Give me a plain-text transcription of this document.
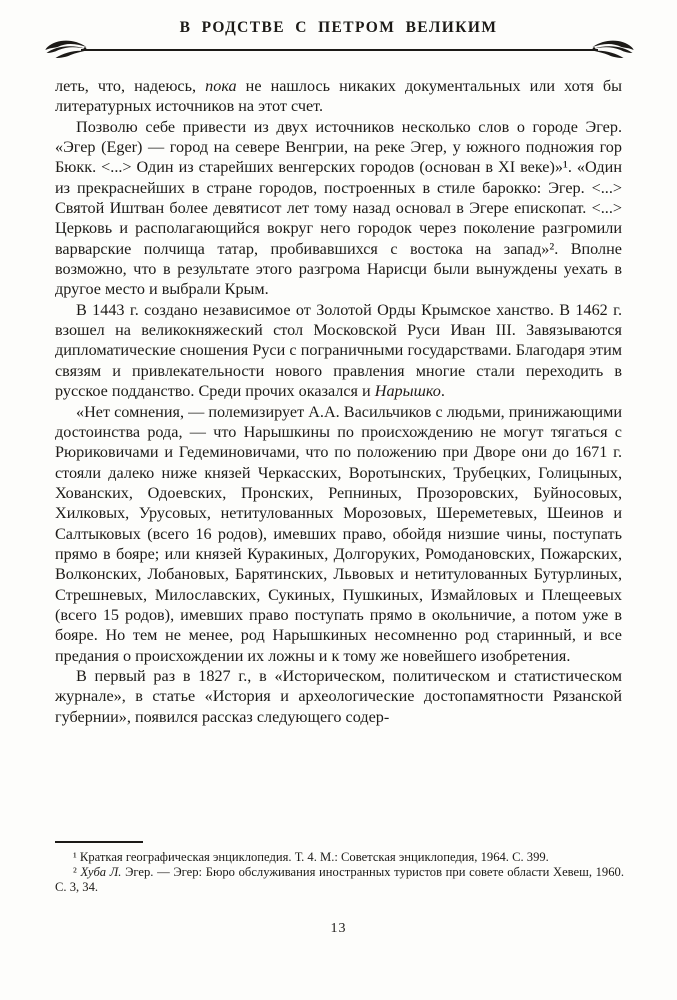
В РОДСТВЕ С ПЕТРОМ ВЕЛИКИМ

леть, что, надеюсь, пока не нашлось никаких документальных или хотя бы литературных источников на этот счет.

Позволю себе привести из двух источников несколько слов о городе Эгер. «Эгер (Eger) — город на севере Венгрии, на реке Эгер, у южного подножия гор Бюкк. <...> Один из старейших венгерских городов (основан в XI веке)»¹. «Один из прекраснейших в стране городов, построенных в стиле барокко: Эгер. <...> Святой Иштван более девятисот лет тому назад основал в Эгере епископат. <...> Церковь и располагающийся вокруг него городок через поколение разгромили варварские полчища татар, пробивавшихся с востока на запад»². Вполне возможно, что в результате этого разгрома Нарисци были вынуждены уехать в другое место и выбрали Крым.

В 1443 г. создано независимое от Золотой Орды Крымское ханство. В 1462 г. взошел на великокняжеский стол Московской Руси Иван III. Завязываются дипломатические сношения Руси с пограничными государствами. Благодаря этим связям и привлекательности нового правления многие стали переходить в русское подданство. Среди прочих оказался и Нарышко.

«Нет сомнения, — полемизирует А.А. Васильчиков с людьми, принижающими достоинства рода, — что Нарышкины по происхождению не могут тягаться с Рюриковичами и Гедеминовичами, что по положению при Дворе они до 1671 г. стояли далеко ниже князей Черкасских, Воротынских, Трубецких, Голицыных, Хованских, Одоевских, Пронских, Репниных, Прозоровских, Буйносовых, Хилковых, Урусовых, нетитулованных Морозовых, Шереметевых, Шеинов и Салтыковых (всего 16 родов), имевших право, обойдя низшие чины, поступать прямо в бояре; или князей Куракиных, Долгоруких, Ромодановских, Пожарских, Волконских, Лобановых, Барятинских, Львовых и нетитулованных Бутурлиных, Стрешневых, Милославских, Сукиных, Пушкиных, Измайловых и Плещеевых (всего 15 родов), имевших право поступать прямо в окольничие, а потом уже в бояре. Но тем не менее, род Нарышкиных несомненно род старинный, и все предания о происхождении их ложны и к тому же новейшего изобретения.

В первый раз в 1827 г., в «Историческом, политическом и статистическом журнале», в статье «История и археологические достопамятности Рязанской губернии», появился рассказ следующего содер-

¹ Краткая географическая энциклопедия. Т. 4. М.: Советская энциклопедия, 1964. С. 399.

² Хуба Л. Эгер. — Эгер: Бюро обслуживания иностранных туристов при совете области Хевеш, 1960. С. 3, 34.

13
